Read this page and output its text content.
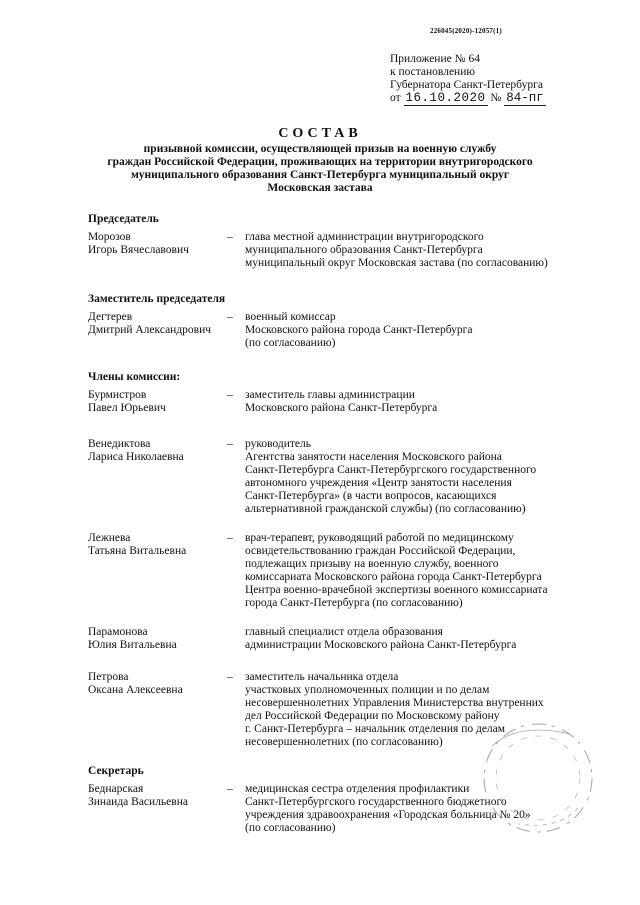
226045(2020)-12057(1)
Приложение № 64
к постановлению
Губернатора Санкт-Петербурга
от 16.10.2020 № 84-пг
СОСТАВ
призывной комиссии, осуществляющей призыв на военную службу
граждан Российской Федерации, проживающих на территории внутригородского
муниципального образования Санкт-Петербурга муниципальный округ
Московская застава
Председатель
Морозов
Игорь Вячеславович
– глава местной администрации внутригородского
муниципального образования Санкт-Петербурга
муниципальный округ Московская застава (по согласованию)
Заместитель председателя
Дегтерев
Дмитрий Александрович
– военный комиссар
Московского района города Санкт-Петербурга
(по согласованию)
Члены комиссии:
Бурмистров
Павел Юрьевич
– заместитель главы администрации
Московского района Санкт-Петербурга
Венедиктова
Лариса Николаевна
– руководитель
Агентства занятости населения Московского района
Санкт-Петербурга Санкт-Петербургского государственного
автономного учреждения «Центр занятости населения
Санкт-Петербурга» (в части вопросов, касающихся
альтернативной гражданской службы) (по согласованию)
Лежнева
Татьяна Витальевна
– врач-терапевт, руководящий работой по медицинскому
освидетельствованию граждан Российской Федерации,
подлежащих призыву на военную службу, военного
комиссариата Московского района города Санкт-Петербурга
Центра военно-врачебной экспертизы военного комиссариата
города Санкт-Петербурга (по согласованию)
Парамонова
Юлия Витальевна
главный специалист отдела образования
администрации Московского района Санкт-Петербурга
Петрова
Оксана Алексеевна
– заместитель начальника отдела
участковых уполномоченных полиции и по делам
несовершеннолетних Управления Министерства внутренних
дел Российской Федерации по Московскому району
г. Санкт-Петербурга – начальник отделения по делам
несовершеннолетних (по согласованию)
Секретарь
Беднарская
Зинаида Васильевна
– медицинская сестра отделения профилактики
Санкт-Петербургского государственного бюджетного
учреждения здравоохранения «Городская больница № 20»
(по согласованию)
